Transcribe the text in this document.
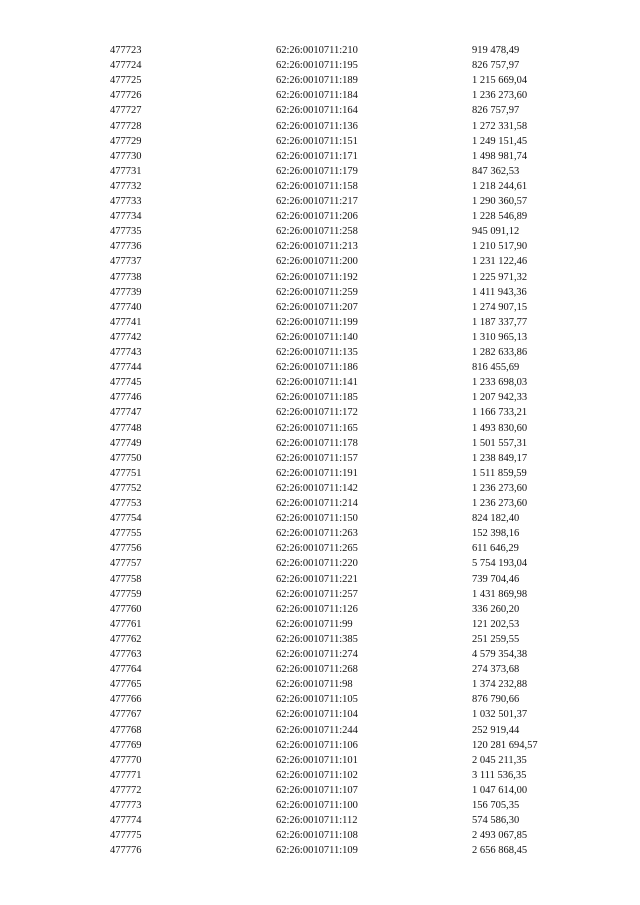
477723	62:26:0010711:210	919 478,49
477724	62:26:0010711:195	826 757,97
477725	62:26:0010711:189	1 215 669,04
477726	62:26:0010711:184	1 236 273,60
477727	62:26:0010711:164	826 757,97
477728	62:26:0010711:136	1 272 331,58
477729	62:26:0010711:151	1 249 151,45
477730	62:26:0010711:171	1 498 981,74
477731	62:26:0010711:179	847 362,53
477732	62:26:0010711:158	1 218 244,61
477733	62:26:0010711:217	1 290 360,57
477734	62:26:0010711:206	1 228 546,89
477735	62:26:0010711:258	945 091,12
477736	62:26:0010711:213	1 210 517,90
477737	62:26:0010711:200	1 231 122,46
477738	62:26:0010711:192	1 225 971,32
477739	62:26:0010711:259	1 411 943,36
477740	62:26:0010711:207	1 274 907,15
477741	62:26:0010711:199	1 187 337,77
477742	62:26:0010711:140	1 310 965,13
477743	62:26:0010711:135	1 282 633,86
477744	62:26:0010711:186	816 455,69
477745	62:26:0010711:141	1 233 698,03
477746	62:26:0010711:185	1 207 942,33
477747	62:26:0010711:172	1 166 733,21
477748	62:26:0010711:165	1 493 830,60
477749	62:26:0010711:178	1 501 557,31
477750	62:26:0010711:157	1 238 849,17
477751	62:26:0010711:191	1 511 859,59
477752	62:26:0010711:142	1 236 273,60
477753	62:26:0010711:214	1 236 273,60
477754	62:26:0010711:150	824 182,40
477755	62:26:0010711:263	152 398,16
477756	62:26:0010711:265	611 646,29
477757	62:26:0010711:220	5 754 193,04
477758	62:26:0010711:221	739 704,46
477759	62:26:0010711:257	1 431 869,98
477760	62:26:0010711:126	336 260,20
477761	62:26:0010711:99	121 202,53
477762	62:26:0010711:385	251 259,55
477763	62:26:0010711:274	4 579 354,38
477764	62:26:0010711:268	274 373,68
477765	62:26:0010711:98	1 374 232,88
477766	62:26:0010711:105	876 790,66
477767	62:26:0010711:104	1 032 501,37
477768	62:26:0010711:244	252 919,44
477769	62:26:0010711:106	120 281 694,57
477770	62:26:0010711:101	2 045 211,35
477771	62:26:0010711:102	3 111 536,35
477772	62:26:0010711:107	1 047 614,00
477773	62:26:0010711:100	156 705,35
477774	62:26:0010711:112	574 586,30
477775	62:26:0010711:108	2 493 067,85
477776	62:26:0010711:109	2 656 868,45
